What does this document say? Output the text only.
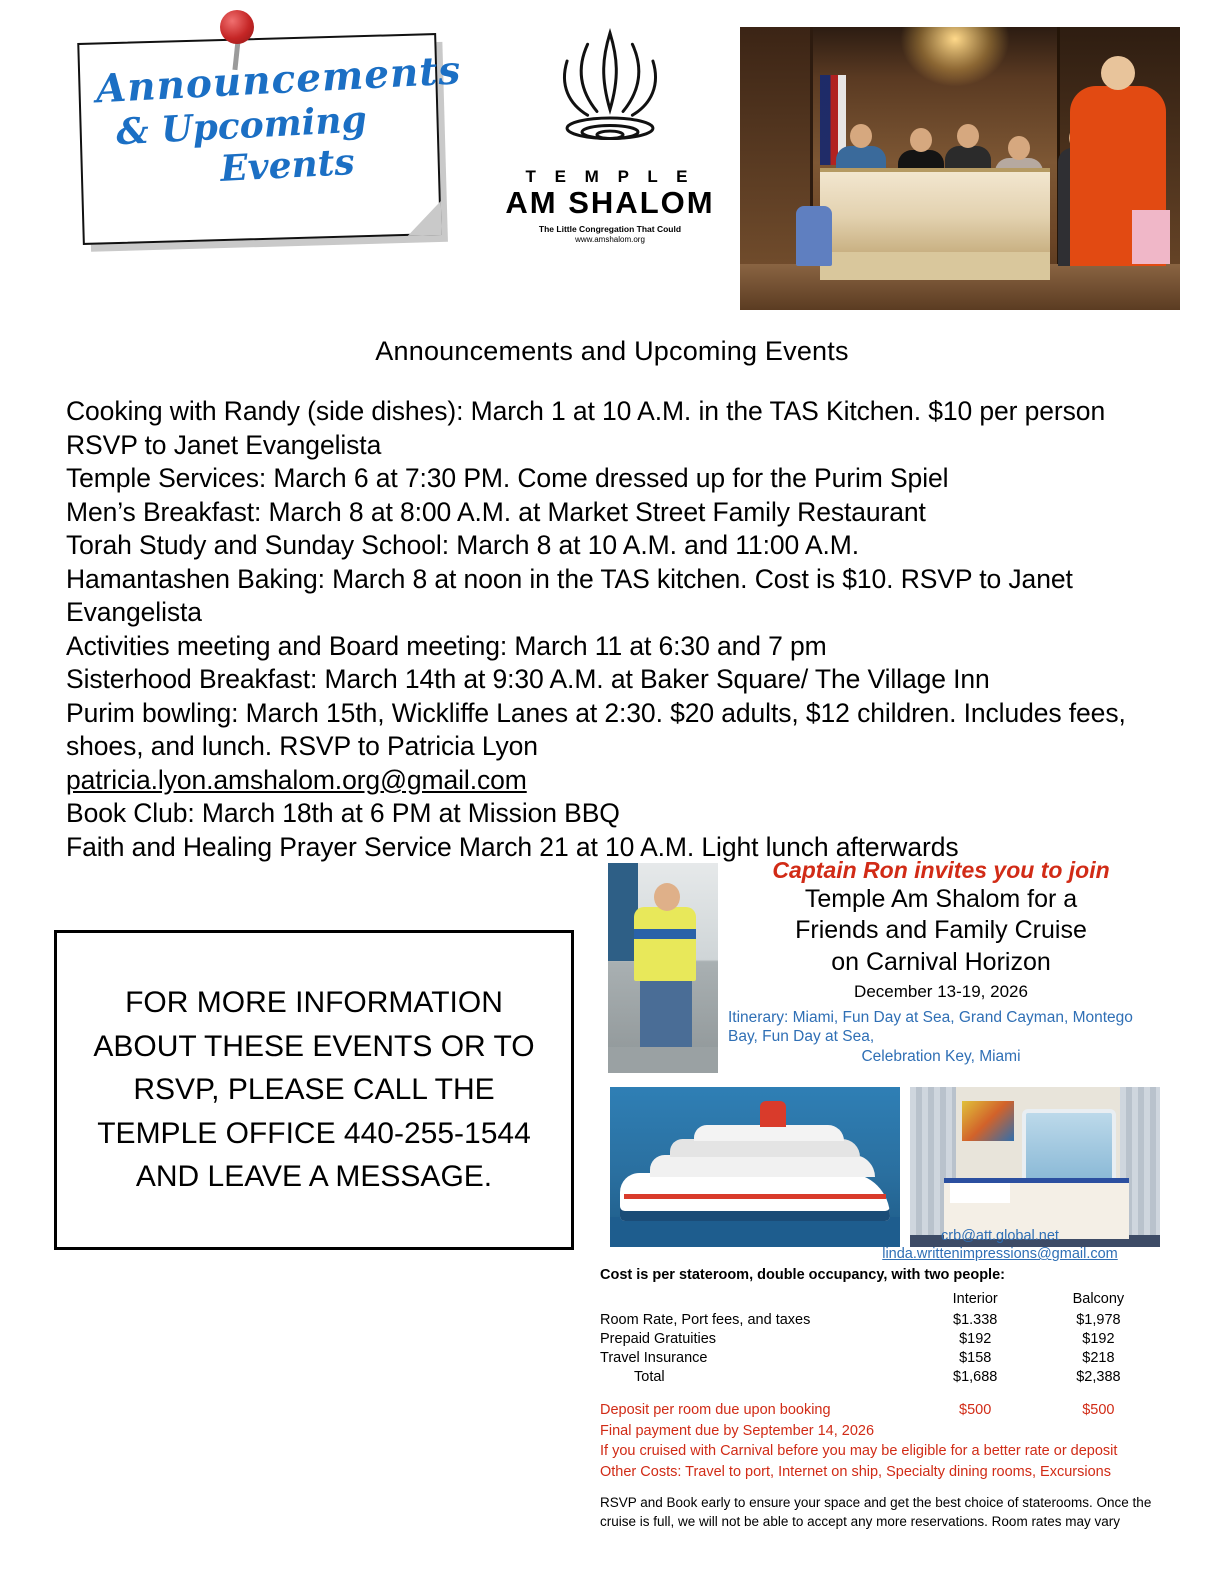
Announcements
& Upcoming
Events	T E M P L E
AM SHALOM
The Little Congregation That Could
www.amshalom.org
Announcements and Upcoming Events
Cooking with Randy (side dishes): March 1 at 10 A.M. in the TAS Kitchen. $10 per person RSVP to Janet Evangelista
Temple Services: March 6 at 7:30 PM. Come dressed up for the Purim Spiel
Men’s Breakfast: March 8 at 8:00 A.M. at Market Street Family Restaurant
Torah Study and Sunday School: March 8 at 10 A.M. and 11:00 A.M.
Hamantashen Baking: March 8 at noon in the TAS kitchen. Cost is $10. RSVP to Janet Evangelista
Activities meeting and Board meeting: March 11 at 6:30 and 7 pm
Sisterhood Breakfast: March 14th at 9:30 A.M. at Baker Square/ The Village Inn
Purim bowling: March 15th, Wickliffe Lanes at 2:30. $20 adults, $12 children. Includes fees, shoes, and lunch. RSVP to Patricia Lyon
patricia.lyon.amshalom.org@gmail.com
Book Club: March 18th at 6 PM at Mission BBQ
Faith and Healing Prayer Service March 21 at 10 A.M. Light lunch afterwards
FOR MORE INFORMATION ABOUT THESE EVENTS OR TO RSVP, PLEASE CALL THE TEMPLE OFFICE 440-255-1544 AND LEAVE A MESSAGE.
Captain Ron invites you to join
Temple Am Shalom for a
Friends and Family Cruise
on Carnival Horizon
December 13-19, 2026
Itinerary: Miami, Fun Day at Sea, Grand Cayman, Montego Bay, Fun Day at Sea,
Celebration Key, Miami
crb@att.global.net
linda.writtenimpressions@gmail.com
Cost is per stateroom, double occupancy, with two people:
	Interior	Balcony
Room Rate, Port fees, and taxes	$1.338	$1,978
Prepaid Gratuities	$192	$192
Travel Insurance	$158	$218
Total	$1,688	$2,388
Deposit per room due upon booking	$500	$500
Final payment due by September 14, 2026
If you cruised with Carnival before you may be eligible for a better rate or deposit
Other Costs: Travel to port, Internet on ship, Specialty dining rooms, Excursions
RSVP and Book early to ensure your space and get the best choice of staterooms. Once the cruise is full, we will not be able to accept any more reservations. Room rates may vary
